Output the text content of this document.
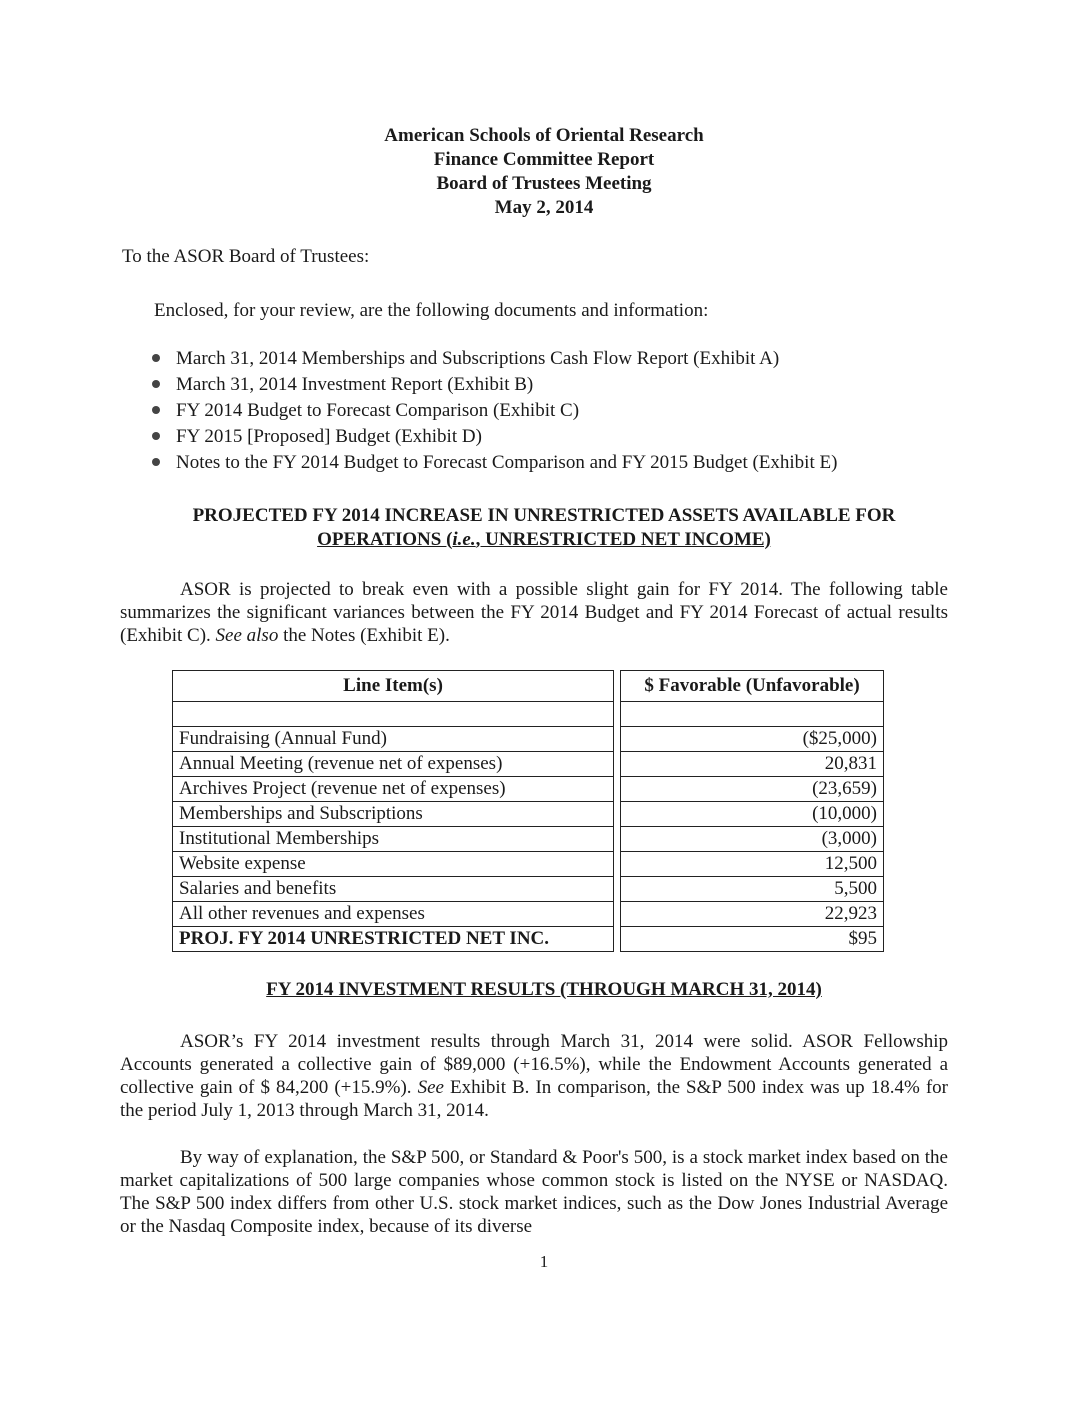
American Schools of Oriental Research
Finance Committee Report
Board of Trustees Meeting
May 2, 2014
To the ASOR Board of Trustees:
Enclosed, for your review, are the following documents and information:
March 31, 2014 Memberships and Subscriptions Cash Flow Report (Exhibit A)
March 31, 2014 Investment Report (Exhibit B)
FY 2014 Budget to Forecast Comparison (Exhibit C)
FY 2015 [Proposed] Budget (Exhibit D)
Notes to the FY 2014 Budget to Forecast Comparison and FY 2015 Budget (Exhibit E)
PROJECTED FY 2014 INCREASE IN UNRESTRICTED ASSETS AVAILABLE FOR
OPERATIONS (i.e., UNRESTRICTED NET INCOME)
ASOR is projected to break even with a possible slight gain for FY 2014. The following table summarizes the significant variances between the FY 2014 Budget and FY 2014 Forecast of actual results (Exhibit C). See also the Notes (Exhibit E).
Line Item(s)		$ Favorable (Unfavorable)

Fundraising (Annual Fund)		($25,000)
Annual Meeting (revenue net of expenses)		20,831
Archives Project (revenue net of expenses)		(23,659)
Memberships and Subscriptions		(10,000)
Institutional Memberships		(3,000)
Website expense		12,500
Salaries and benefits		5,500
All other revenues and expenses		22,923
PROJ. FY 2014 UNRESTRICTED NET INC.		$95
FY 2014 INVESTMENT RESULTS (THROUGH MARCH 31, 2014)
ASOR’s FY 2014 investment results through March 31, 2014 were solid. ASOR Fellowship Accounts generated a collective gain of $89,000 (+16.5%), while the Endowment Accounts generated a collective gain of $ 84,200 (+15.9%). See Exhibit B. In comparison, the S&P 500 index was up 18.4% for the period July 1, 2013 through March 31, 2014.
By way of explanation, the S&P 500, or Standard & Poor's 500, is a stock market index based on the market capitalizations of 500 large companies whose common stock is listed on the NYSE or NASDAQ. The S&P 500 index differs from other U.S. stock market indices, such as the Dow Jones Industrial Average or the Nasdaq Composite index, because of its diverse
1
